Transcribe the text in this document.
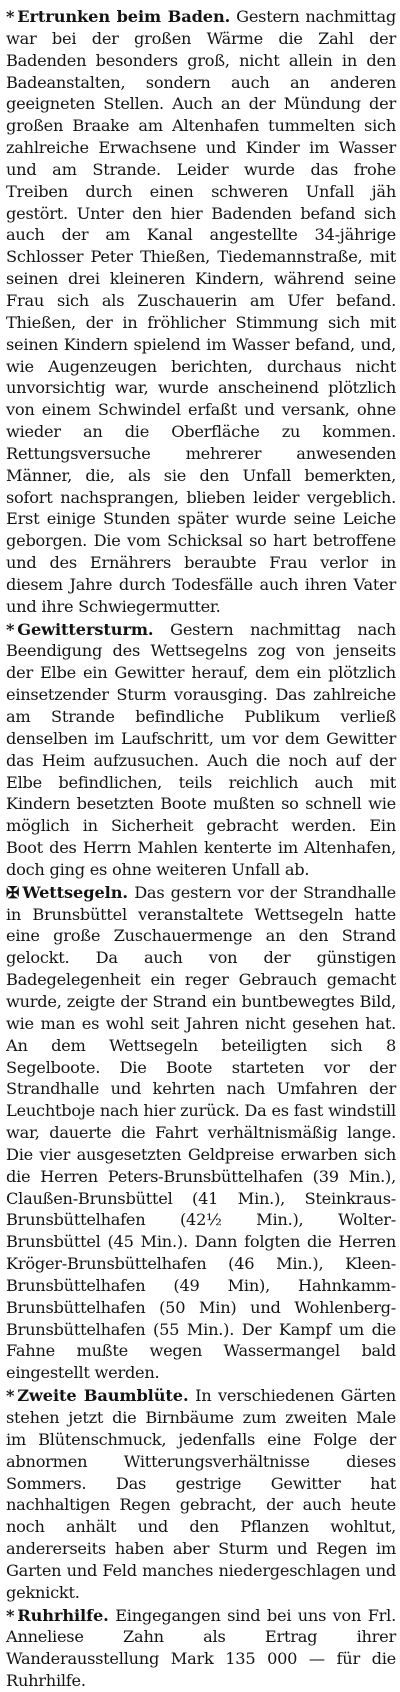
* Ertrunken beim Baden. Gestern nachmittag war bei der großen Wärme die Zahl der Badenden besonders groß, nicht allein in den Badeanstalten, sondern auch an anderen geeigneten Stellen. Auch an der Mündung der großen Braake am Altenhafen tummelten sich zahlreiche Erwachsene und Kinder im Wasser und am Strande. Leider wurde das frohe Treiben durch einen schweren Unfall jäh gestört. Unter den hier Badenden befand sich auch der am Kanal angestellte 34-jährige Schlosser Peter Thießen, Tiedemannstraße, mit seinen drei kleineren Kindern, während seine Frau sich als Zuschauerin am Ufer befand. Thießen, der in fröhlicher Stimmung sich mit seinen Kindern spielend im Wasser befand, und, wie Augenzeugen berichten, durchaus nicht unvorsichtig war, wurde anscheinend plötzlich von einem Schwindel erfaßt und versank, ohne wieder an die Oberfläche zu kommen. Rettungsversuche mehrerer anwesenden Männer, die, als sie den Unfall bemerkten, sofort nachsprangen, blieben leider vergeblich. Erst einige Stunden später wurde seine Leiche geborgen. Die vom Schicksal so hart betroffene und des Ernährers beraubte Frau verlor in diesem Jahre durch Todesfälle auch ihren Vater und ihre Schwiegermutter.

* Gewittersturm. Gestern nachmittag nach Beendigung des Wettsegelns zog von jenseits der Elbe ein Gewitter herauf, dem ein plötzlich einsetzender Sturm vorausging. Das zahlreiche am Strande befindliche Publikum verließ denselben im Laufschritt, um vor dem Gewitter das Heim aufzusuchen. Auch die noch auf der Elbe befindlichen, teils reichlich auch mit Kindern besetzten Boote mußten so schnell wie möglich in Sicherheit gebracht werden. Ein Boot des Herrn Mahlen kenterte im Altenhafen, doch ging es ohne weiteren Unfall ab.

✠ Wettsegeln. Das gestern vor der Strandhalle in Brunsbüttel veranstaltete Wettsegeln hatte eine große Zuschauermenge an den Strand gelockt. Da auch von der günstigen Badegelegenheit ein reger Gebrauch gemacht wurde, zeigte der Strand ein buntbewegtes Bild, wie man es wohl seit Jahren nicht gesehen hat. An dem Wettsegeln beteiligten sich 8 Segelboote. Die Boote starteten vor der Strandhalle und kehrten nach Umfahren der Leuchtboje nach hier zurück. Da es fast windstill war, dauerte die Fahrt verhältnismäßig lange. Die vier ausgesetzten Geldpreise erwarben sich die Herren Peters-Brunsbüttelhafen (39 Min.), Claußen-Brunsbüttel (41 Min.), Steinkraus-Brunsbüttelhafen (42½ Min.), Wolter-Brunsbüttel (45 Min.). Dann folgten die Herren Kröger-Brunsbüttelhafen (46 Min.), Kleen-Brunsbüttelhafen (49 Min), Hahnkamm-Brunsbüttelhafen (50 Min) und Wohlenberg-Brunsbüttelhafen (55 Min.). Der Kampf um die Fahne mußte wegen Wassermangel bald eingestellt werden.

* Zweite Baumblüte. In verschiedenen Gärten stehen jetzt die Birnbäume zum zweiten Male im Blütenschmuck, jedenfalls eine Folge der abnormen Witterungsverhältnisse dieses Sommers. Das gestrige Gewitter hat nachhaltigen Regen gebracht, der auch heute noch anhält und den Pflanzen wohltut, andererseits haben aber Sturm und Regen im Garten und Feld manches niedergeschlagen und geknickt.

* Ruhrhilfe. Eingegangen sind bei uns von Frl. Anneliese Zahn als Ertrag ihrer Wanderausstellung Mark 135 000 — für die Ruhrhilfe.
